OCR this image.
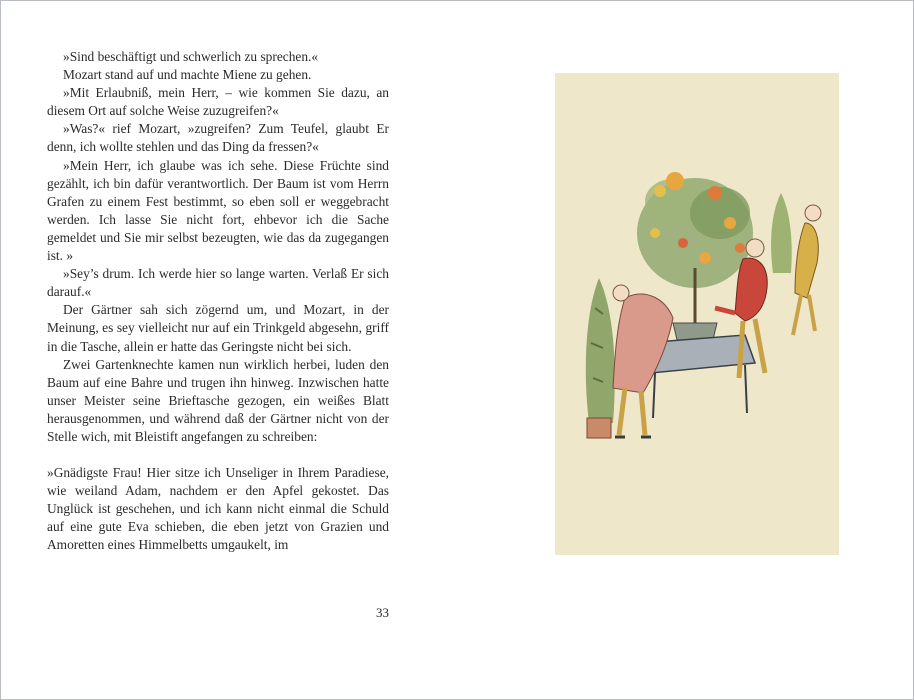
»Sind beschäftigt und schwerlich zu sprechen.«

Mozart stand auf und machte Miene zu gehen.

»Mit Erlaubniß, mein Herr, – wie kommen Sie dazu, an diesem Ort auf solche Weise zuzugreifen?«

»Was?« rief Mozart, »zugreifen? Zum Teufel, glaubt Er denn, ich wollte stehlen und das Ding da fressen?«

»Mein Herr, ich glaube was ich sehe. Diese Früchte sind gezählt, ich bin dafür verantwortlich. Der Baum ist vom Herrn Grafen zu einem Fest bestimmt, so eben soll er weggebracht werden. Ich lasse Sie nicht fort, ehbevor ich die Sache gemeldet und Sie mir selbst bezeugten, wie das da zugegangen ist. »

»Sey’s drum. Ich werde hier so lange warten. Verlaß Er sich darauf.«

Der Gärtner sah sich zögernd um, und Mozart, in der Meinung, es sey vielleicht nur auf ein Trinkgeld abgesehn, griff in die Tasche, allein er hatte das Geringste nicht bei sich.

Zwei Gartenknechte kamen nun wirklich herbei, luden den Baum auf eine Bahre und trugen ihn hinweg. Inzwischen hatte unser Meister seine Brieftasche gezogen, ein weißes Blatt herausgenommen, und während daß der Gärtner nicht von der Stelle wich, mit Bleistift angefangen zu schreiben:

»Gnädigste Frau! Hier sitze ich Unseliger in Ihrem Paradiese, wie weiland Adam, nachdem er den Apfel gekostet. Das Unglück ist geschehen, und ich kann nicht einmal die Schuld auf eine gute Eva schieben, die eben jetzt von Grazien und Amoretten eines Himmelbetts umgaukelt, im

33
